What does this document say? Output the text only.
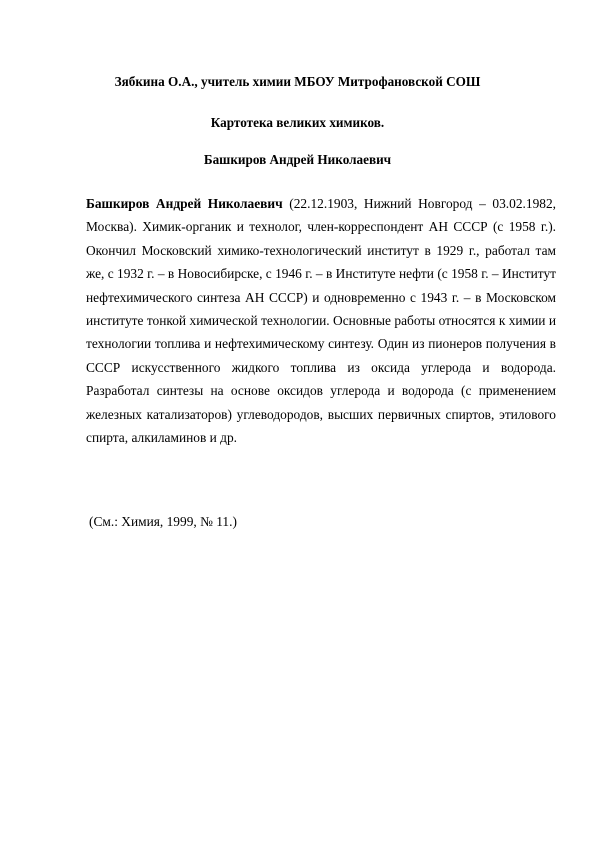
Зябкина О.А., учитель химии МБОУ Митрофановской СОШ
Картотека великих химиков.
Башкиров Андрей Николаевич
Башкиров Андрей Николаевич (22.12.1903, Нижний Новгород – 03.02.1982, Москва). Химик-органик и технолог, член-корреспондент АН СССР (с 1958 г.). Окончил Московский химико-технологический институт в 1929 г., работал там же, с 1932 г. – в Новосибирске, с 1946 г. – в Институте нефти (с 1958 г. – Институт нефтехимического синтеза АН СССР) и одновременно с 1943 г. – в Московском институте тонкой химической технологии. Основные работы относятся к химии и технологии топлива и нефтехимическому синтезу. Один из пионеров получения в СССР искусственного жидкого топлива из оксида углерода и водорода. Разработал синтезы на основе оксидов углерода и водорода (с применением железных катализаторов) углеводородов, высших первичных спиртов, этилового спирта, алкиламинов и др.
(См.: Химия, 1999, № 11.)
